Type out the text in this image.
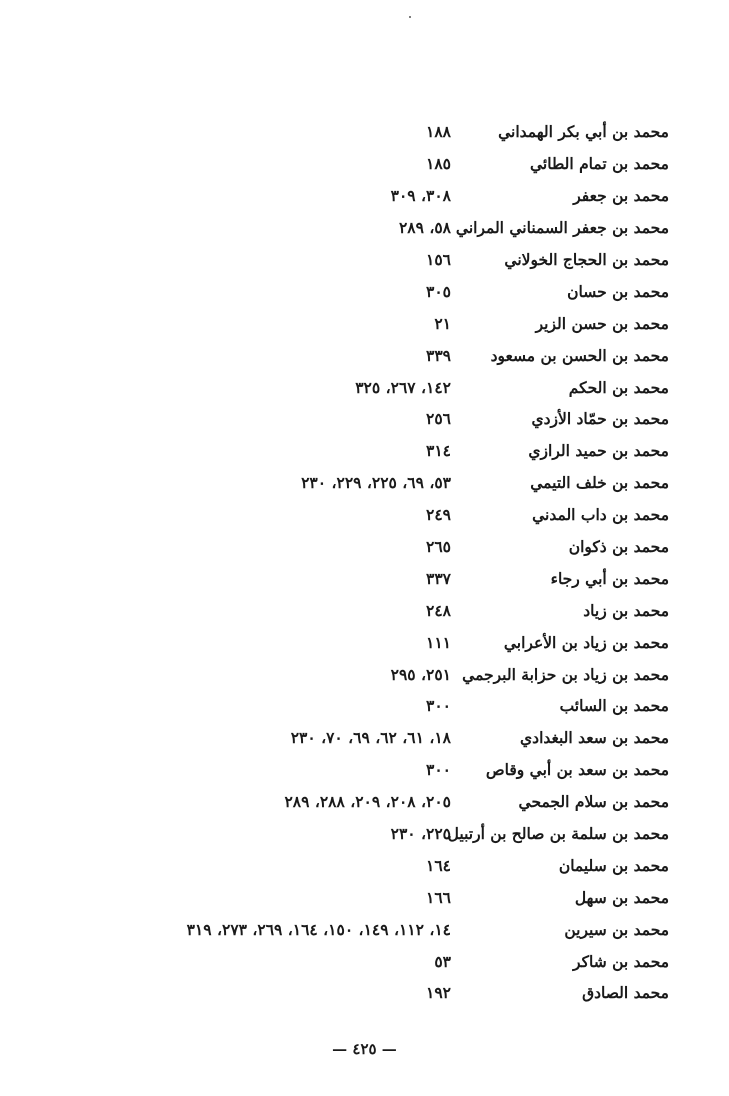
محمد بن أبي بكر الهمداني
١٨٨
محمد بن تمام الطائي
١٨٥
محمد بن جعفر
٣٠٨، ٣٠٩
محمد بن جعفر السمناني المراني
٥٨، ٢٨٩
محمد بن الحجاج الخولاني
١٥٦
محمد بن حسان
٣٠٥
محمد بن حسن الزير
٢١
محمد بن الحسن بن مسعود
٣٣٩
محمد بن الحكم
١٤٢، ٢٦٧، ٣٢٥
محمد بن حمّاد الأزدي
٢٥٦
محمد بن حميد الرازي
٣١٤
محمد بن خلف التيمي
٥٣، ٦٩، ٢٢٥، ٢٢٩، ٢٣٠
محمد بن داب المدني
٢٤٩
محمد بن ذكوان
٢٦٥
محمد بن أبي رجاء
٣٣٧
محمد بن زياد
٢٤٨
محمد بن زياد بن الأعرابي
١١١
محمد بن زياد بن حزابة البرجمي
٢٥١، ٢٩٥
محمد بن السائب
٣٠٠
محمد بن سعد البغدادي
١٨، ٦١، ٦٢، ٦٩، ٧٠، ٢٣٠
محمد بن سعد بن أبي وقاص
٣٠٠
محمد بن سلام الجمحي
٢٠٥، ٢٠٨، ٢٠٩، ٢٨٨، ٢٨٩
محمد بن سلمة بن صالح بن أرتبيل
٢٢٥، ٢٣٠
محمد بن سليمان
١٦٤
محمد بن سهل
١٦٦
محمد بن سيرين
١٤، ١١٢، ١٤٩، ١٥٠، ١٦٤، ٢٦٩، ٢٧٣، ٣١٩
محمد بن شاكر
٥٣
محمد الصادق
١٩٢
— ٤٢٥ —
